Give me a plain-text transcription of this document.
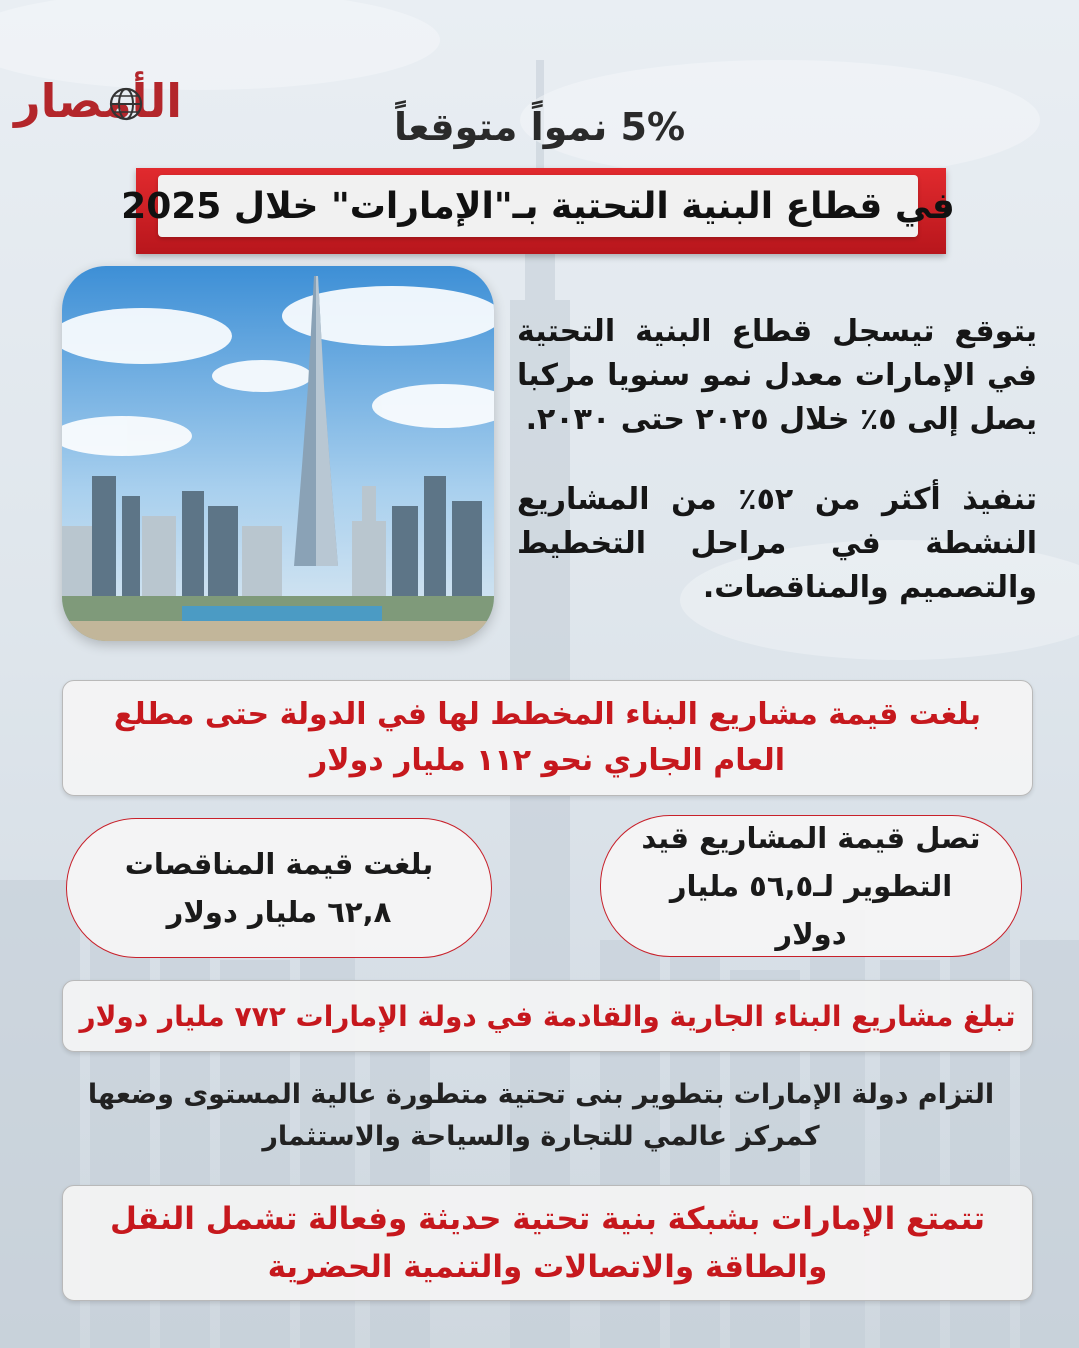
الأمصار	5% نمواً متوقعاً
في قطاع البنية التحتية بـ"الإمارات" خلال 2025
يتوقع تيسجل قطاع البنية التحتية في الإمارات معدل نمو سنويا مركبا يصل إلى ٥٪ خلال ٢٠٢٥ حتى ٢٠٣٠.
تنفيذ أكثر من ٥٢٪ من المشاريع النشطة في مراحل التخطيط والتصميم والمناقصات.
بلغت قيمة مشاريع البناء المخطط لها في الدولة حتى مطلع العام الجاري نحو ١١٢ مليار دولار
بلغت قيمة المناقصات
٦٢,٨ مليار دولار
تصل قيمة المشاريع قيد
التطوير لـ٥٦,٥ مليار دولار
تبلغ مشاريع البناء الجارية والقادمة في دولة الإمارات ٧٧٢ مليار دولار
التزام دولة الإمارات بتطوير بنى تحتية متطورة عالية المستوى وضعها كمركز عالمي للتجارة والسياحة والاستثمار
تتمتع الإمارات بشبكة بنية تحتية حديثة وفعالة تشمل النقل والطاقة والاتصالات والتنمية الحضرية
